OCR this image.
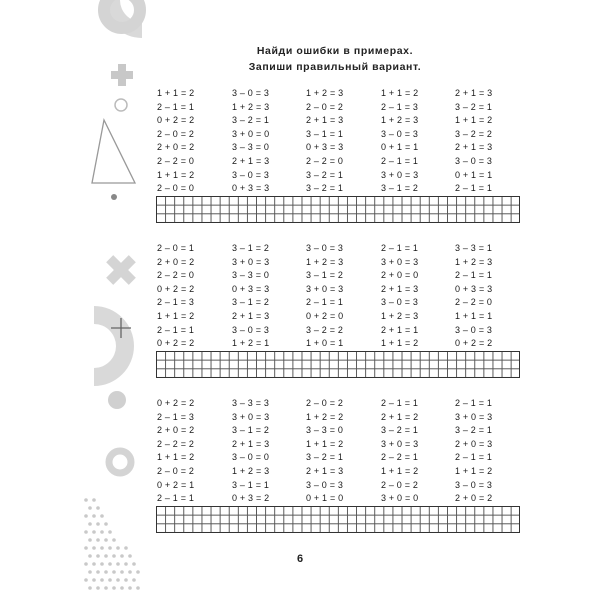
Найди ошибки в примерах.
Запиши правильный вариант.
1 + 1 = 2
2 – 1 = 1
0 + 2 = 2
2 – 0 = 2
2 + 0 = 2
2 – 2 = 0
1 + 1 = 2
2 – 0 = 0
3 – 0 = 3
1 + 2 = 3
3 – 2 = 1
3 + 0 = 0
3 – 3 = 0
2 + 1 = 3
3 – 0 = 3
0 + 3 = 3
1 + 2 = 3
2 – 0 = 2
2 + 1 = 3
3 – 1 = 1
0 + 3 = 3
2 – 2 = 0
3 – 2 = 1
3 – 2 = 1
1 + 1 = 2
2 – 1 = 3
1 + 2 = 3
3 – 0 = 3
0 + 1 = 1
2 – 1 = 1
3 + 0 = 3
3 – 1 = 2
2 + 1 = 3
3 – 2 = 1
1 + 1 = 2
3 – 2 = 2
2 + 1 = 3
3 – 0 = 3
0 + 1 = 1
2 – 1 = 1
2 – 0 = 1
2 + 0 = 2
2 – 2 = 0
0 + 2 = 2
2 – 1 = 3
1 + 1 = 2
2 – 1 = 1
0 + 2 = 2
3 – 1 = 2
3 + 0 = 3
3 – 3 = 0
0 + 3 = 3
3 – 1 = 2
2 + 1 = 3
3 – 0 = 3
1 + 2 = 1
3 – 0 = 3
1 + 2 = 3
3 – 1 = 2
3 + 0 = 3
2 – 1 = 1
0 + 2 = 0
3 – 2 = 2
1 + 0 = 1
2 – 1 = 1
3 + 0 = 3
2 + 0 = 0
2 + 1 = 3
3 – 0 = 3
1 + 2 = 3
2 + 1 = 1
1 + 1 = 2
3 – 3 = 1
1 + 2 = 3
2 – 1 = 1
0 + 3 = 3
2 – 2 = 0
1 + 1 = 1
3 – 0 = 3
0 + 2 = 2
0 + 2 = 2
2 – 1 = 3
2 + 0 = 2
2 – 2 = 2
1 + 1 = 2
2 – 0 = 2
0 + 2 = 1
2 – 1 = 1
3 – 3 = 3
3 + 0 = 3
3 – 1 = 2
2 + 1 = 3
3 – 0 = 0
1 + 2 = 3
3 – 1 = 1
0 + 3 = 2
2 – 0 = 2
1 + 2 = 2
3 – 3 = 0
1 + 1 = 2
3 – 2 = 1
2 + 1 = 3
3 – 0 = 3
0 + 1 = 0
2 – 1 = 1
2 + 1 = 2
3 – 2 = 1
3 + 0 = 3
2 – 2 = 1
1 + 1 = 2
2 – 0 = 2
3 + 0 = 0
2 – 1 = 1
3 + 0 = 3
3 – 2 = 1
2 + 0 = 3
2 – 1 = 1
1 + 1 = 2
3 – 0 = 3
2 + 0 = 2
6
